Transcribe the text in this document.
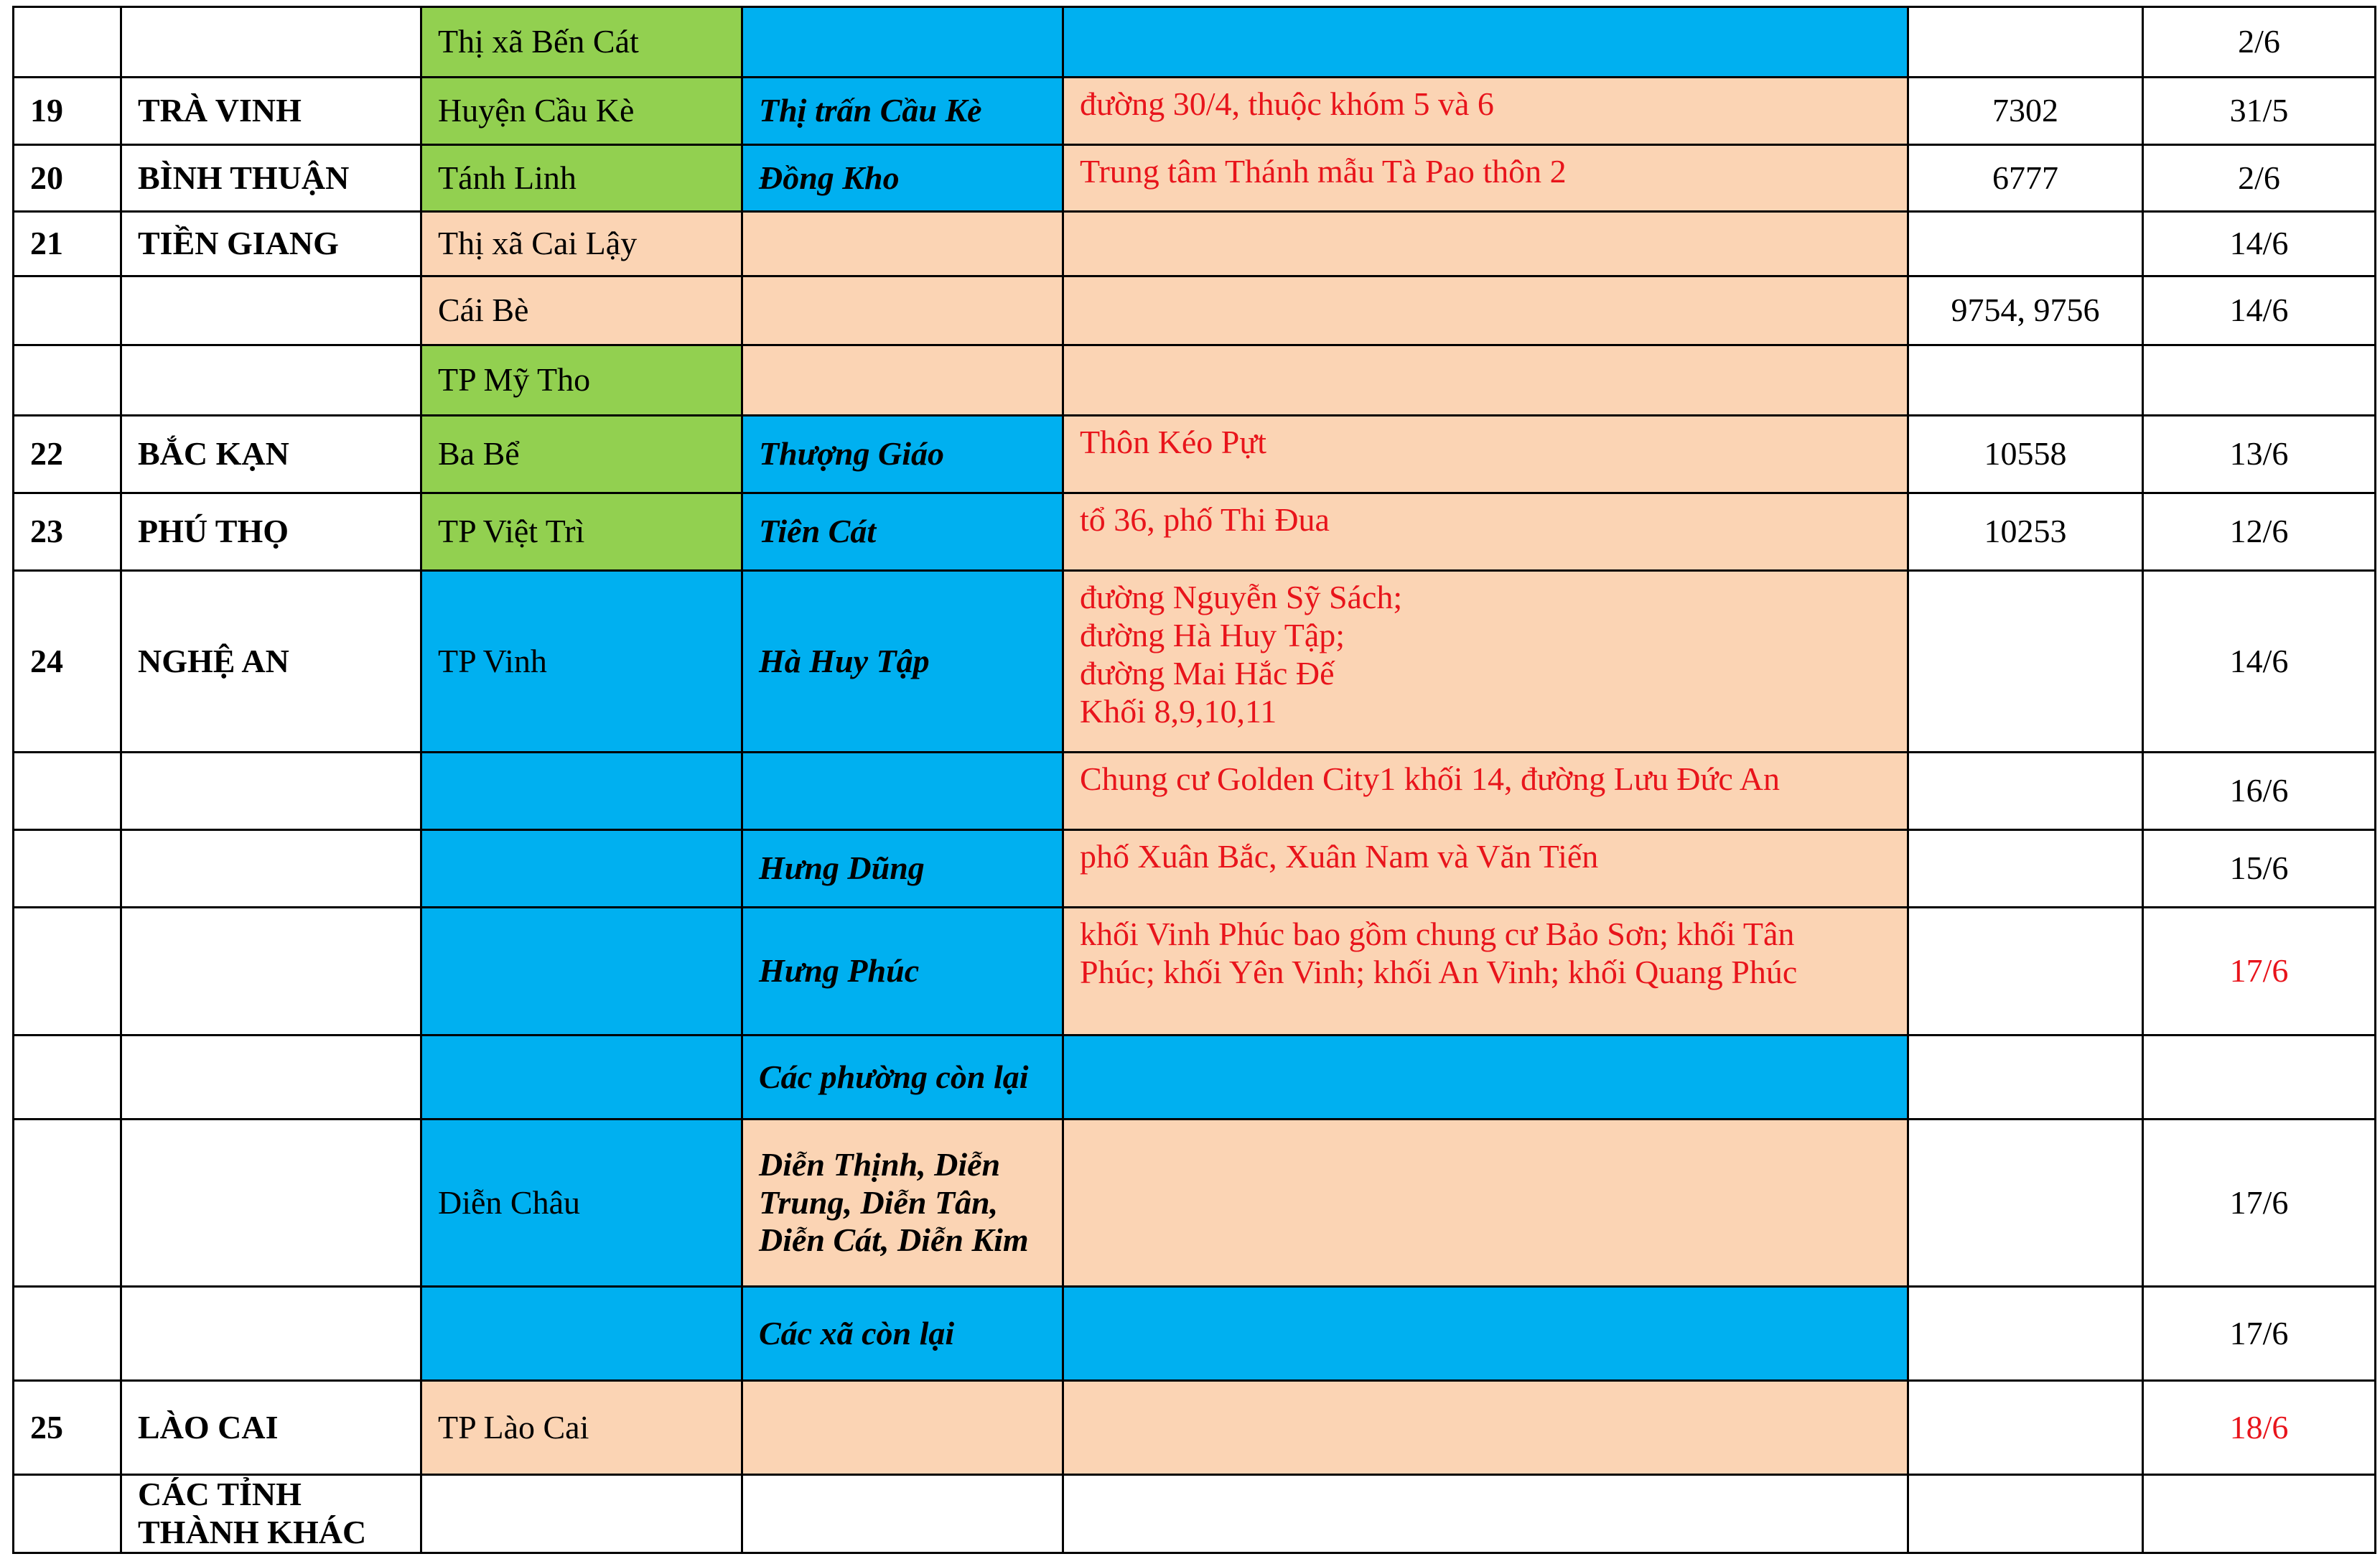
		Thị xã Bến Cát				2/6
19	TRÀ VINH	Huyện Cầu Kè	Thị trấn Cầu Kè	đường 30/4, thuộc khóm 5 và 6	7302	31/5
20	BÌNH THUẬN	Tánh Linh	Đồng Kho	Trung tâm Thánh mẫu Tà Pao thôn 2	6777	2/6
21	TIỀN GIANG	Thị xã Cai Lậy				14/6
		Cái Bè			9754, 9756	14/6
		TP Mỹ Tho				
22	BẮC KẠN	Ba Bể	Thượng Giáo	Thôn Kéo Pựt	10558	13/6
23	PHÚ THỌ	TP Việt Trì	Tiên Cát	tổ 36, phố Thi Đua	10253	12/6
24	NGHỆ AN	TP Vinh	Hà Huy Tập	đường Nguyễn Sỹ Sách;
đường Hà Huy Tập;
đường Mai Hắc Đế
Khối 8,9,10,11		14/6

				Chung cư Golden City1 khối 14, đường Lưu Đức An		16/6
			Hưng Dũng	phố Xuân Bắc, Xuân Nam và Văn Tiến		15/6
			Hưng Phúc	khối Vinh Phúc bao gồm chung cư Bảo Sơn; khối Tân
Phúc; khối Yên Vinh; khối An Vinh; khối Quang Phúc		17/6
			Các phường còn lại			
		Diễn Châu	Diễn Thịnh, Diễn Trung, Diễn Tân, Diễn Cát, Diễn Kim			17/6
			Các xã còn lại			17/6
25	LÀO CAI	TP Lào Cai				18/6
	CÁC TỈNH THÀNH KHÁC					
